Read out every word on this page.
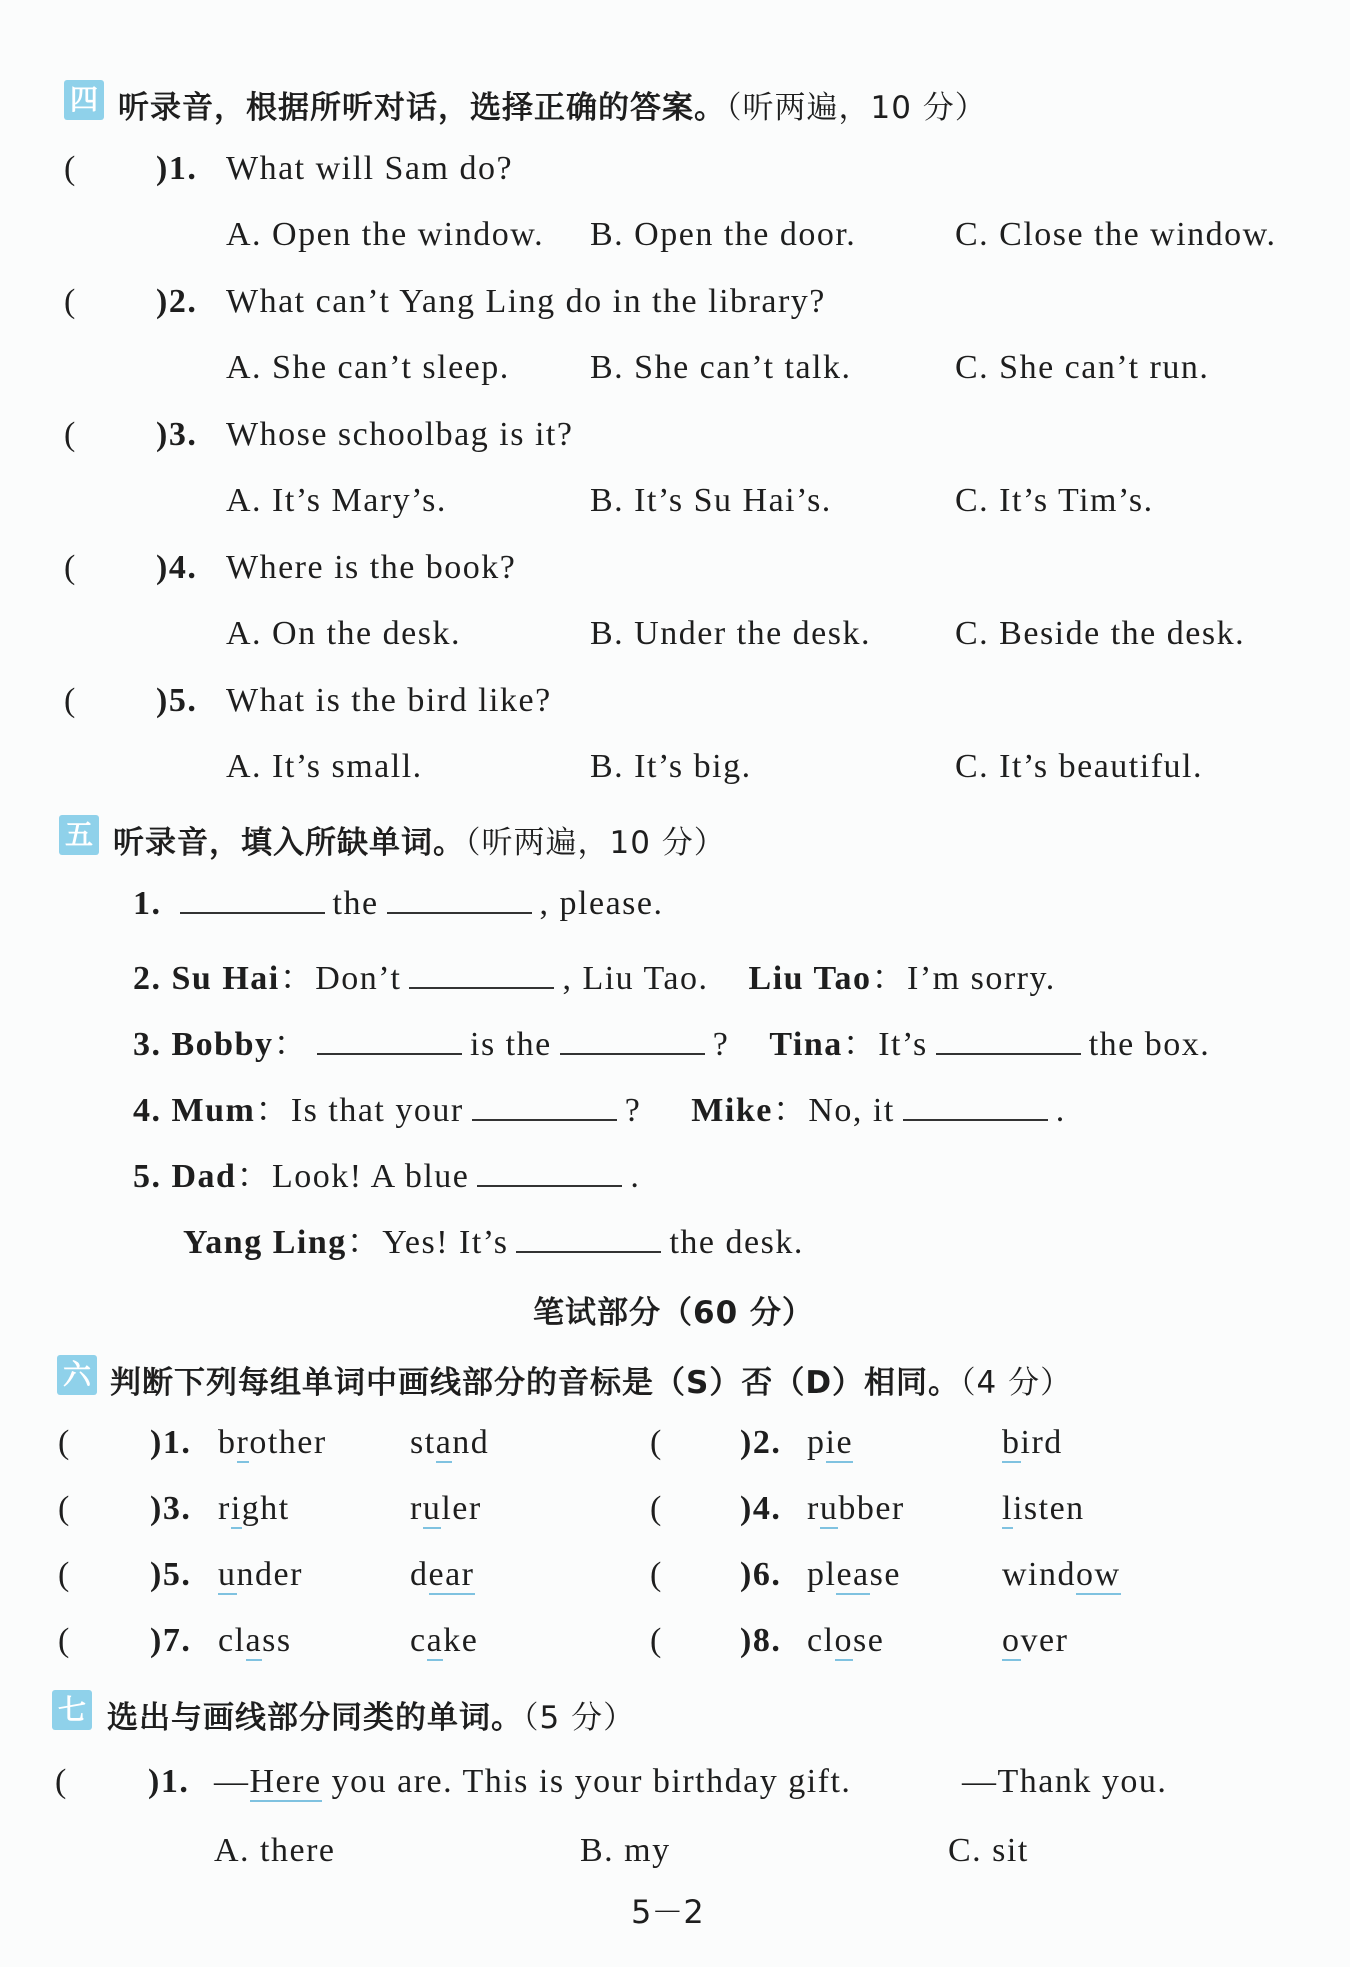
四 听录音，根据所听对话，选择正确的答案。（听两遍，10 分）
( )1. What will Sam do?
A. Open the window. B. Open the door.	C. Close the window.
( )2. What can’t Yang Ling do in the library?
A. She can’t sleep. B. She can’t talk.	C. She can’t run.
( )3. Whose schoolbag is it?
A. It’s Mary’s.	B. It’s Su Hai’s.	C. It’s Tim’s.
( )4. Where is the book?
A. On the desk.	B. Under the desk. C. Beside the desk.
( )5. What is the bird like?
A. It’s small.	B. It’s big.	C. It’s beautiful.
五 听录音，填入所缺单词。（听两遍，10 分）
1.	the	, please.
2. Su Hai：Don’t	, Liu Tao. Liu Tao：I’m sorry.
3. Bobby：	is the	? Tina：It’s	the box.
4. Mum：Is that your	? Mike：No, it	.
5. Dad：Look! A blue	.
Yang Ling：Yes! It’s	the desk.
笔试部分（60 分）
六 判断下列每组单词中画线部分的音标是（S）否（D）相同。（4 分）
( )1. brother stand	( )2. pie	bird
( )3. right	ruler	( )4. rubber	listen
( )5. under	dear	( )6. please	window
( )7. class	cake	( )8. close	over
七 选出与画线部分同类的单词。（5 分）
( )1. —Here you are. This is your birthday gift.	—Thank you.
A. there	B. my	C. sit
5－2
